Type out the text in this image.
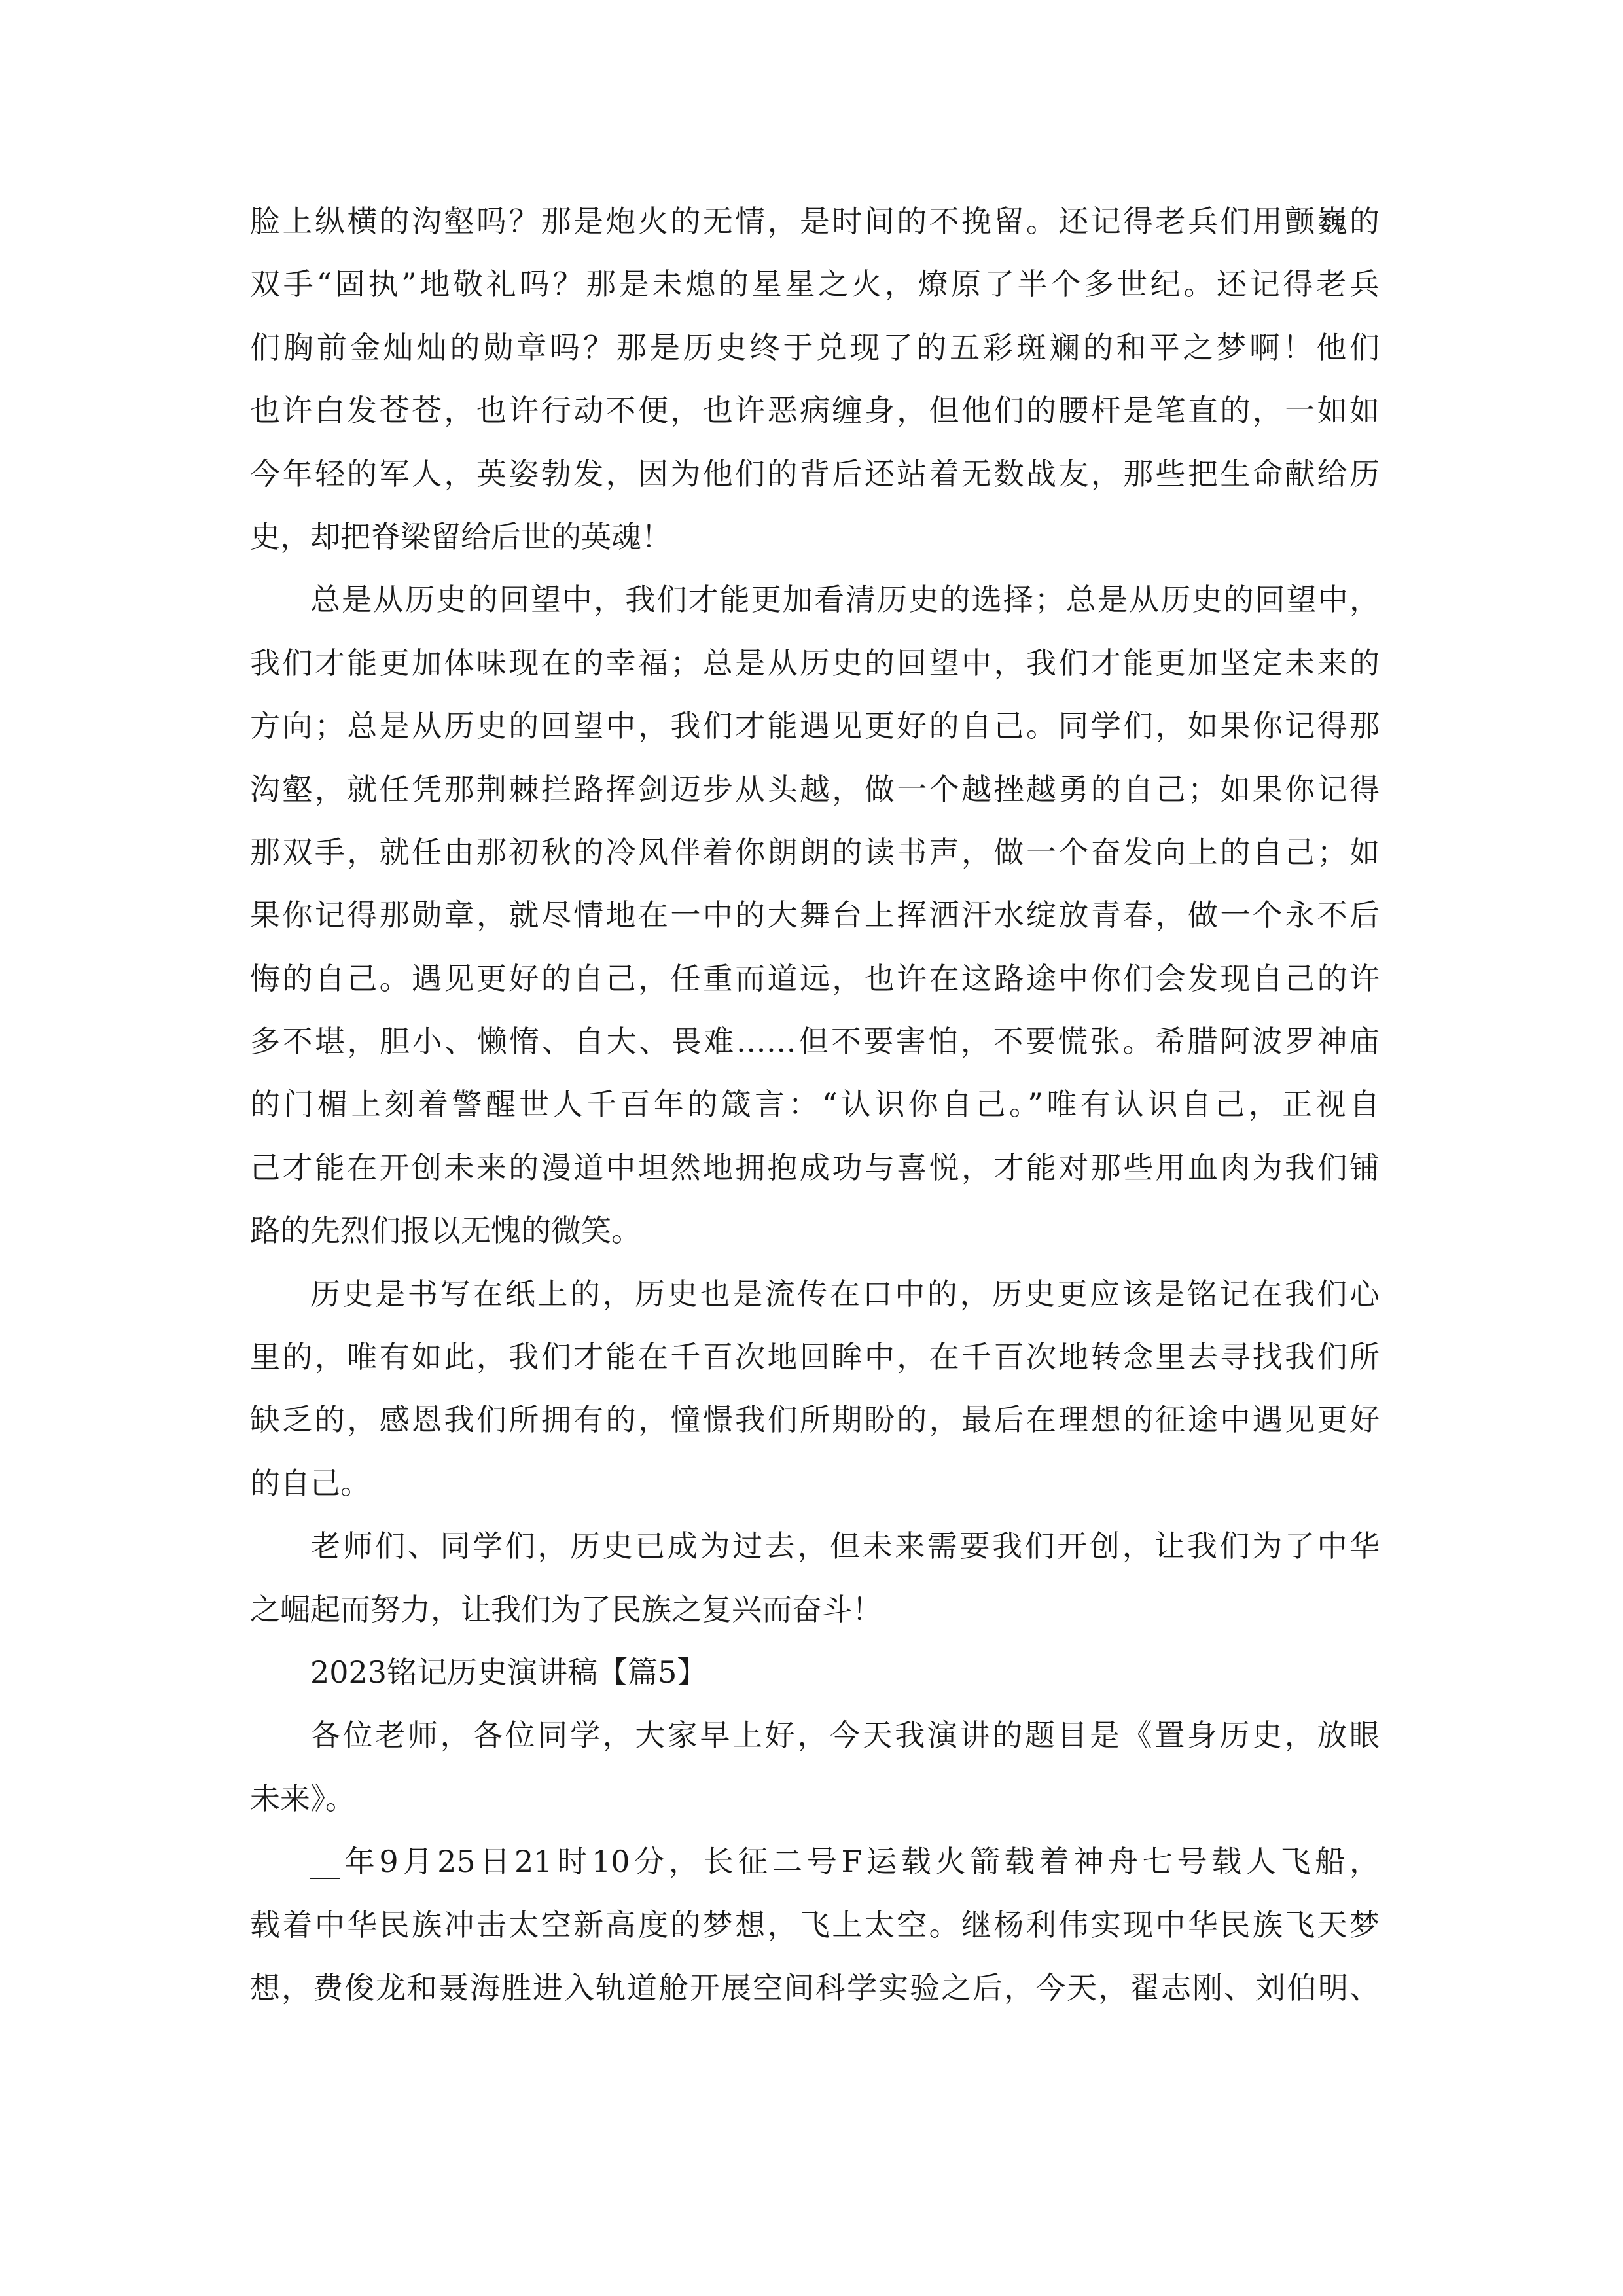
脸上纵横的沟壑吗？那是炮火的无情，是时间的不挽留。还记得老兵们用颤巍的
双手“固执”地敬礼吗？那是未熄的星星之火，燎原了半个多世纪。还记得老兵
们胸前金灿灿的勋章吗？那是历史终于兑现了的五彩斑斓的和平之梦啊！他们
也许白发苍苍，也许行动不便，也许恶病缠身，但他们的腰杆是笔直的，一如如
今年轻的军人，英姿勃发，因为他们的背后还站着无数战友，那些把生命献给历
史，却把脊梁留给后世的英魂！
总是从历史的回望中，我们才能更加看清历史的选择；总是从历史的回望中，
我们才能更加体味现在的幸福；总是从历史的回望中，我们才能更加坚定未来的
方向；总是从历史的回望中，我们才能遇见更好的自己。同学们，如果你记得那
沟壑，就任凭那荆棘拦路挥剑迈步从头越，做一个越挫越勇的自己；如果你记得
那双手，就任由那初秋的冷风伴着你朗朗的读书声，做一个奋发向上的自己；如
果你记得那勋章，就尽情地在一中的大舞台上挥洒汗水绽放青春，做一个永不后
悔的自己。遇见更好的自己，任重而道远，也许在这路途中你们会发现自己的许
多不堪，胆小、懒惰、自大、畏难……但不要害怕，不要慌张。希腊阿波罗神庙
的门楣上刻着警醒世人千百年的箴言：“认识你自己。”唯有认识自己，正视自
己才能在开创未来的漫道中坦然地拥抱成功与喜悦，才能对那些用血肉为我们铺
路的先烈们报以无愧的微笑。
历史是书写在纸上的，历史也是流传在口中的，历史更应该是铭记在我们心
里的，唯有如此，我们才能在千百次地回眸中，在千百次地转念里去寻找我们所
缺乏的，感恩我们所拥有的，憧憬我们所期盼的，最后在理想的征途中遇见更好
的自己。
老师们、同学们，历史已成为过去，但未来需要我们开创，让我们为了中华
之崛起而努力，让我们为了民族之复兴而奋斗！
2023铭记历史演讲稿【篇5】
各位老师，各位同学，大家早上好，今天我演讲的题目是《置身历史，放眼
未来》。
__年9月25日21时10分，长征二号F运载火箭载着神舟七号载人飞船，
载着中华民族冲击太空新高度的梦想，飞上太空。继杨利伟实现中华民族飞天梦
想，费俊龙和聂海胜进入轨道舱开展空间科学实验之后，今天，翟志刚、刘伯明、
